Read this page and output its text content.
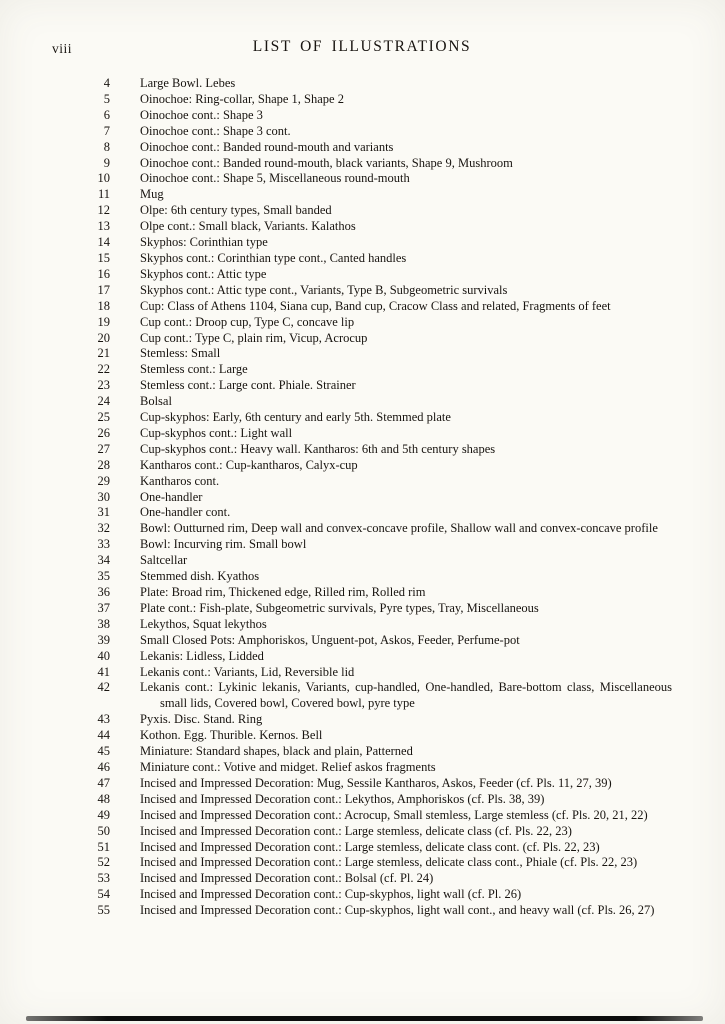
viii	LIST OF ILLUSTRATIONS
4 Large Bowl. Lebes
5 Oinochoe: Ring-collar, Shape 1, Shape 2
6 Oinochoe cont.: Shape 3
7 Oinochoe cont.: Shape 3 cont.
8 Oinochoe cont.: Banded round-mouth and variants
9 Oinochoe cont.: Banded round-mouth, black variants, Shape 9, Mushroom
10 Oinochoe cont.: Shape 5, Miscellaneous round-mouth
11 Mug
12 Olpe: 6th century types, Small banded
13 Olpe cont.: Small black, Variants. Kalathos
14 Skyphos: Corinthian type
15 Skyphos cont.: Corinthian type cont., Canted handles
16 Skyphos cont.: Attic type
17 Skyphos cont.: Attic type cont., Variants, Type B, Subgeometric survivals
18 Cup: Class of Athens 1104, Siana cup, Band cup, Cracow Class and related, Fragments of feet
19 Cup cont.: Droop cup, Type C, concave lip
20 Cup cont.: Type C, plain rim, Vicup, Acrocup
21 Stemless: Small
22 Stemless cont.: Large
23 Stemless cont.: Large cont. Phiale. Strainer
24 Bolsal
25 Cup-skyphos: Early, 6th century and early 5th. Stemmed plate
26 Cup-skyphos cont.: Light wall
27 Cup-skyphos cont.: Heavy wall. Kantharos: 6th and 5th century shapes
28 Kantharos cont.: Cup-kantharos, Calyx-cup
29 Kantharos cont.
30 One-handler
31 One-handler cont.
32 Bowl: Outturned rim, Deep wall and convex-concave profile, Shallow wall and convex-concave profile
33 Bowl: Incurving rim. Small bowl
34 Saltcellar
35 Stemmed dish. Kyathos
36 Plate: Broad rim, Thickened edge, Rilled rim, Rolled rim
37 Plate cont.: Fish-plate, Subgeometric survivals, Pyre types, Tray, Miscellaneous
38 Lekythos, Squat lekythos
39 Small Closed Pots: Amphoriskos, Unguent-pot, Askos, Feeder, Perfume-pot
40 Lekanis: Lidless, Lidded
41 Lekanis cont.: Variants, Lid, Reversible lid
42 Lekanis cont.: Lykinic lekanis, Variants, cup-handled, One-handled, Bare-bottom class, Miscellaneous small lids, Covered bowl, Covered bowl, pyre type
43 Pyxis. Disc. Stand. Ring
44 Kothon. Egg. Thurible. Kernos. Bell
45 Miniature: Standard shapes, black and plain, Patterned
46 Miniature cont.: Votive and midget. Relief askos fragments
47 Incised and Impressed Decoration: Mug, Sessile Kantharos, Askos, Feeder (cf. Pls. 11, 27, 39)
48 Incised and Impressed Decoration cont.: Lekythos, Amphoriskos (cf. Pls. 38, 39)
49 Incised and Impressed Decoration cont.: Acrocup, Small stemless, Large stemless (cf. Pls. 20, 21, 22)
50 Incised and Impressed Decoration cont.: Large stemless, delicate class (cf. Pls. 22, 23)
51 Incised and Impressed Decoration cont.: Large stemless, delicate class cont. (cf. Pls. 22, 23)
52 Incised and Impressed Decoration cont.: Large stemless, delicate class cont., Phiale (cf. Pls. 22, 23)
53 Incised and Impressed Decoration cont.: Bolsal (cf. Pl. 24)
54 Incised and Impressed Decoration cont.: Cup-skyphos, light wall (cf. Pl. 26)
55 Incised and Impressed Decoration cont.: Cup-skyphos, light wall cont., and heavy wall (cf. Pls. 26, 27)
